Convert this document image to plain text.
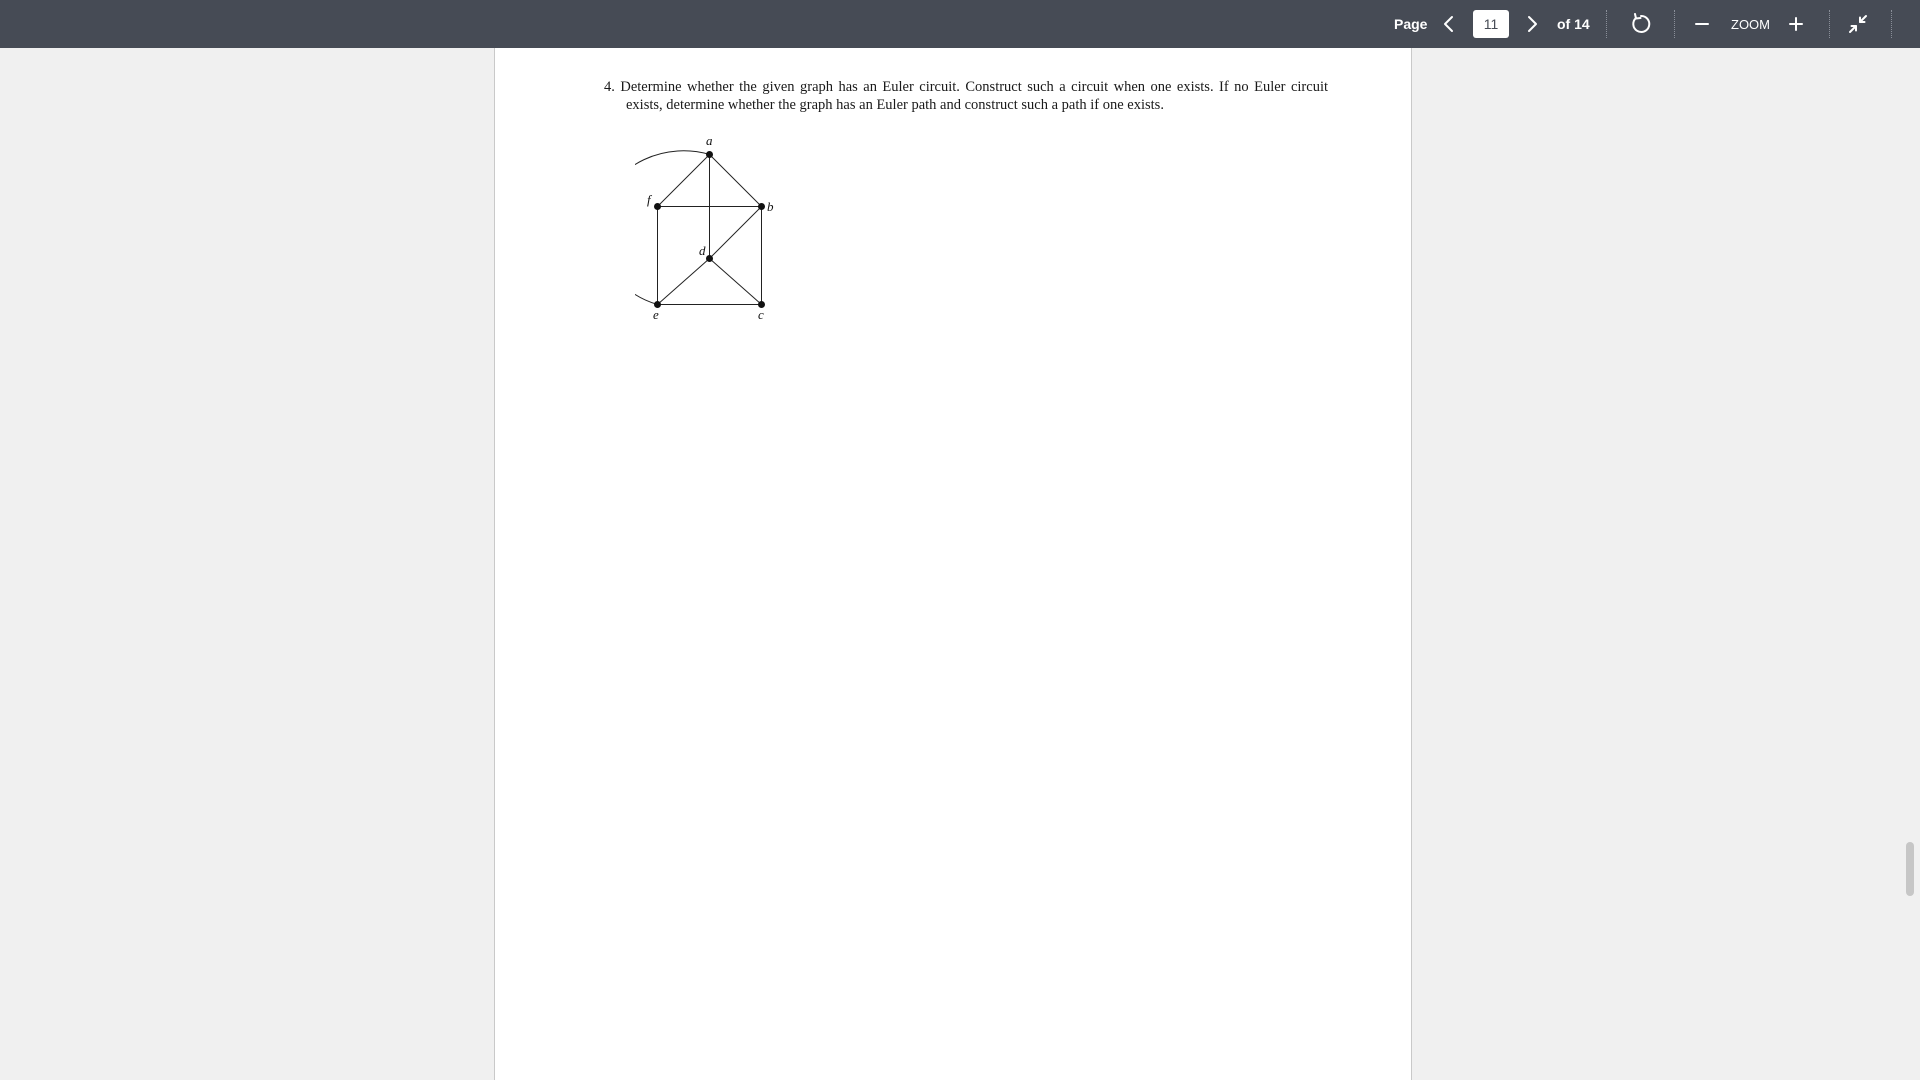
Page
11	of 14	ZOOM
4. Determine whether the given graph has an Euler circuit. Construct such a circuit when one exists. If no Euler circuit exists, determine whether the graph has an Euler path and construct such a path if one exists.
a
f	b
d
e	c
